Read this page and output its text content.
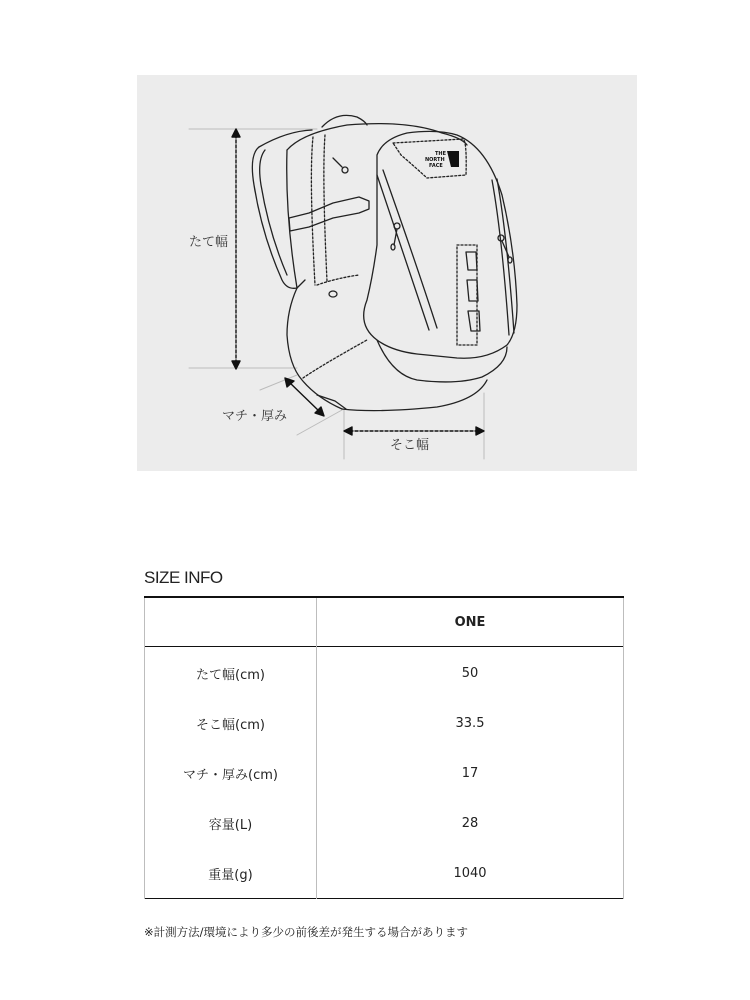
THE
NORTH
FACE
たて幅
マチ・厚み
そこ幅
SIZE INFO
	ONE
たて幅(cm)	50
そこ幅(cm)	33.5
マチ・厚み(cm)	17
容量(L)	28
重量(g)	1040
※計測方法/環境により多少の前後差が発生する場合があります
